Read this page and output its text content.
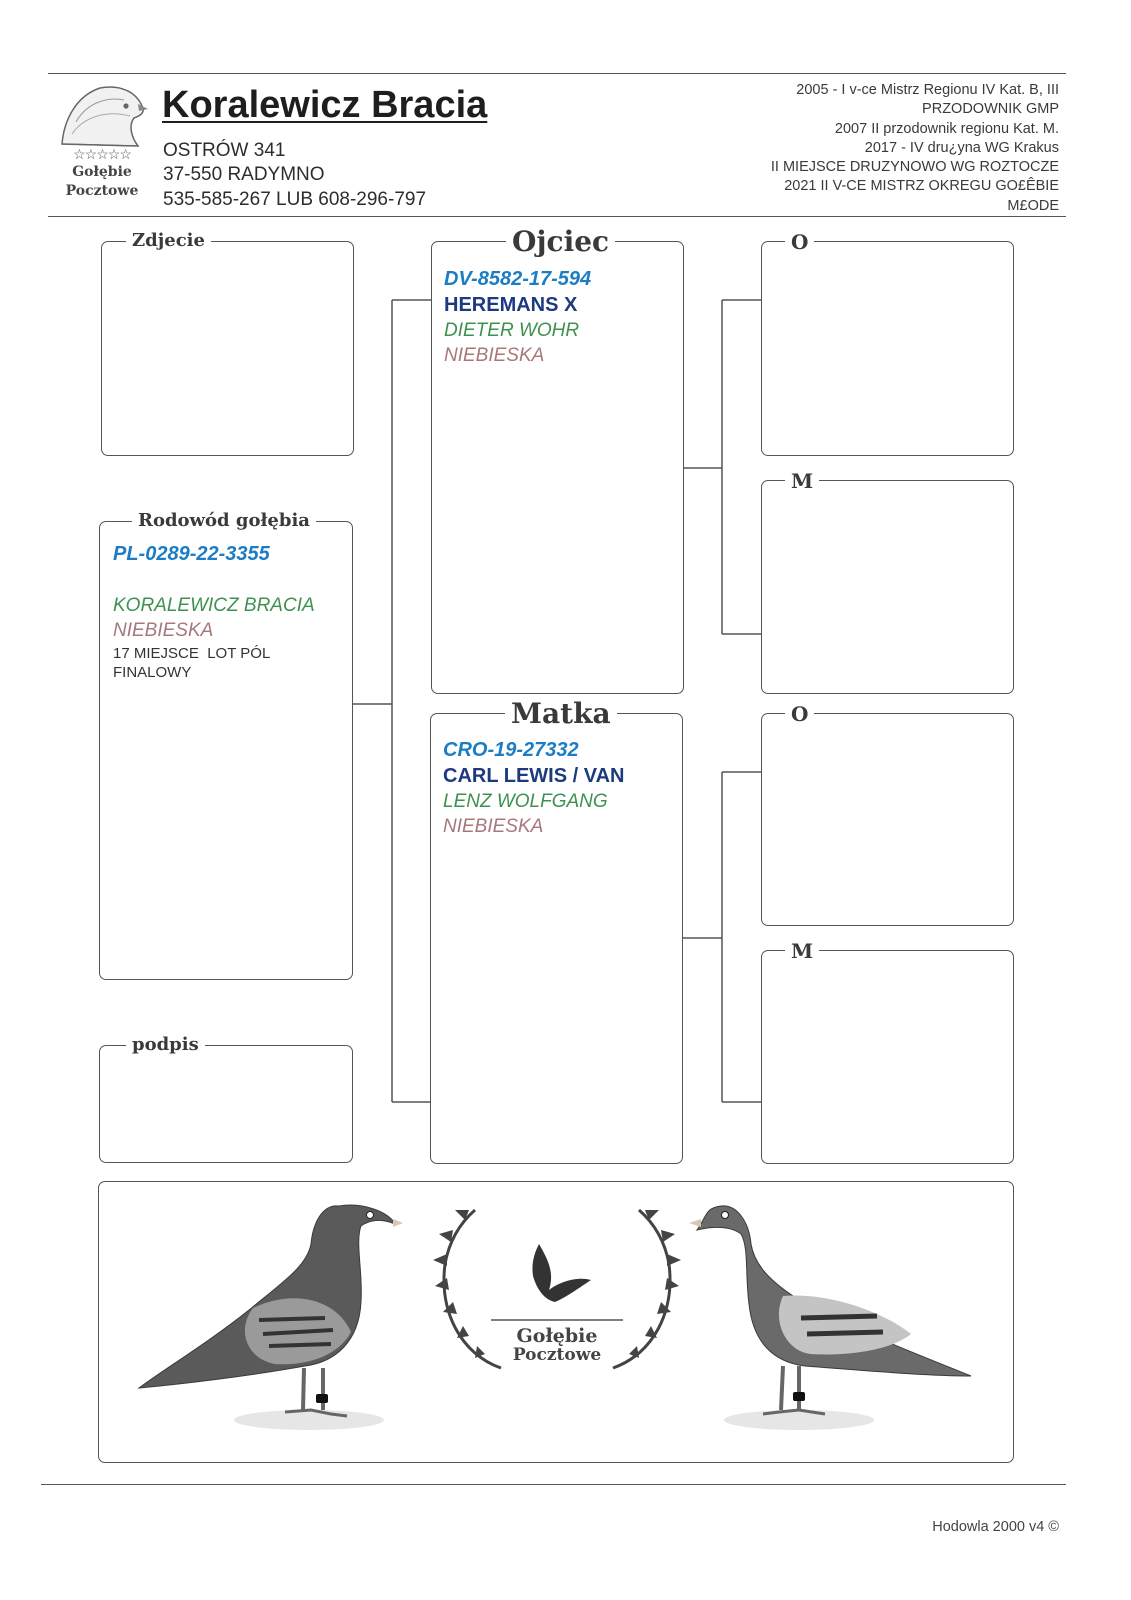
☆☆☆☆☆
Gołębie
Pocztowe
Koralewicz Bracia
OSTRÓW 341
37-550 RADYMNO
535-585-267 LUB 608-296-797
2005 - I v-ce Mistrz Regionu IV Kat. B, III
PRZODOWNIK GMP
2007 II przodownik regionu Kat. M.
2017 - IV dru¿yna WG Krakus
II MIEJSCE DRUZYNOWO WG ROZTOCZE
2021 II V-CE MISTRZ OKREGU GO£ÊBIE
M£ODE
Zdjecie
Rodowód gołębia
PL-0289-22-3355
KORALEWICZ BRACIA
NIEBIESKA
17 MIEJSCE  LOT PÓL
FINALOWY
podpis
Ojciec
DV-8582-17-594
HEREMANS X
DIETER WOHR
NIEBIESKA
Matka
CRO-19-27332
CARL LEWIS / VAN
LENZ WOLFGANG
NIEBIESKA
O
M
O
M
Gołębie
Pocztowe
Hodowla 2000 v4 ©
